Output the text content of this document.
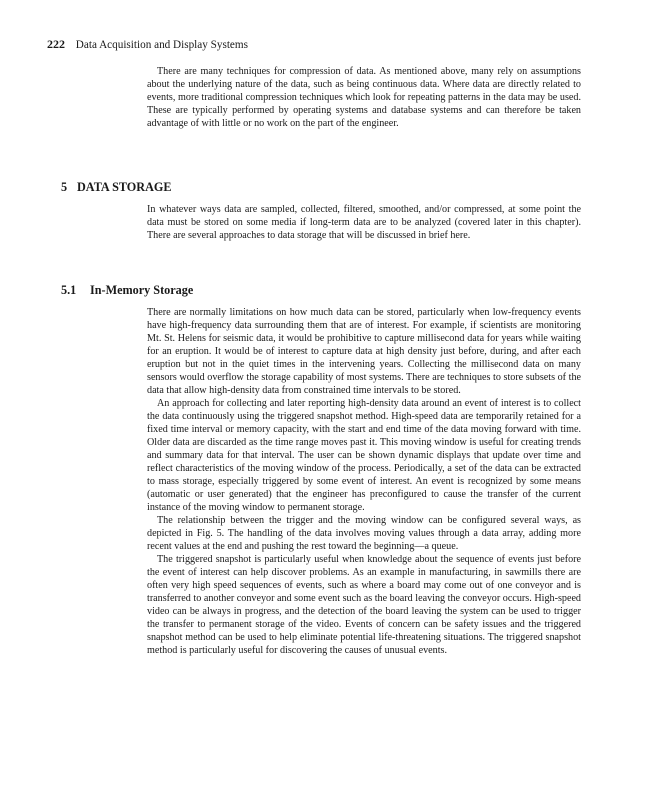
222 Data Acquisition and Display Systems

There are many techniques for compression of data. As mentioned above, many rely on assumptions about the underlying nature of the data, such as being continuous data. Where data are directly related to events, more traditional compression techniques which look for repeating patterns in the data may be used. These are typically performed by operating systems and database systems and can therefore be taken advantage of with little or no work on the part of the engineer.

5 DATA STORAGE

In whatever ways data are sampled, collected, filtered, smoothed, and/or compressed, at some point the data must be stored on some media if long-term data are to be analyzed (covered later in this chapter). There are several approaches to data storage that will be discussed in brief here.

5.1 In-Memory Storage

There are normally limitations on how much data can be stored, particularly when low-frequency events have high-frequency data surrounding them that are of interest. For example, if scientists are monitoring Mt. St. Helens for seismic data, it would be prohibitive to capture millisecond data for years while waiting for an eruption. It would be of interest to capture data at high density just before, during, and after each eruption but not in the quiet times in the intervening years. Collecting the millisecond data on many sensors would overflow the storage capability of most systems. There are techniques to store subsets of the data that allow high-density data from constrained time intervals to be stored.

An approach for collecting and later reporting high-density data around an event of interest is to collect the data continuously using the triggered snapshot method. High-speed data are temporarily retained for a fixed time interval or memory capacity, with the start and end time of the data moving forward with time. Older data are discarded as the time range moves past it. This moving window is useful for creating trends and summary data for that interval. The user can be shown dynamic displays that update over time and reflect characteristics of the moving window of the process. Periodically, a set of the data can be extracted to mass storage, especially triggered by some event of interest. An event is recognized by some means (automatic or user generated) that the engineer has preconfigured to cause the transfer of the current instance of the moving window to permanent storage.

The relationship between the trigger and the moving window can be configured several ways, as depicted in Fig. 5. The handling of the data involves moving values through a data array, adding more recent values at the end and pushing the rest toward the beginning—a queue.

The triggered snapshot is particularly useful when knowledge about the sequence of events just before the event of interest can help discover problems. As an example in manufacturing, in sawmills there are often very high speed sequences of events, such as where a board may come out of one conveyor and is transferred to another conveyor and some event such as the board leaving the conveyor occurs. High-speed video can be always in progress, and the detection of the board leaving the system can be used to trigger the transfer to permanent storage of the video. Events of concern can be safety issues and the triggered snapshot method can be used to help eliminate potential life-threatening situations. The triggered snapshot method is particularly useful for discovering the causes of unusual events.
